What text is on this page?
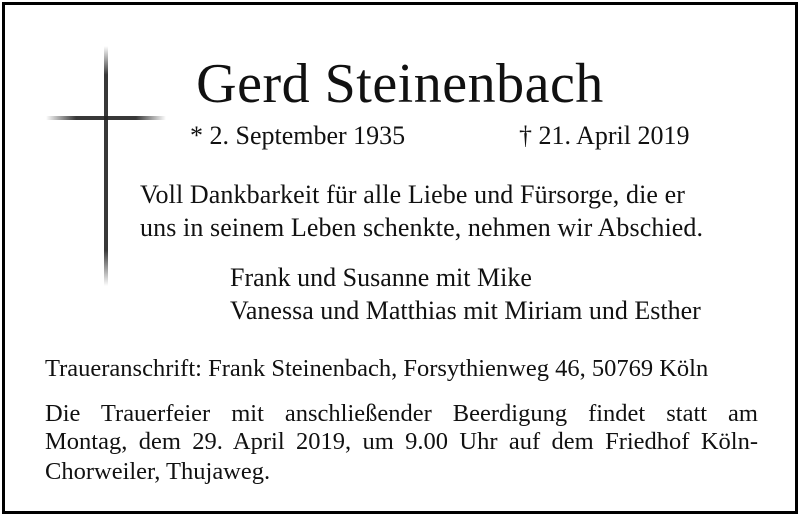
Gerd Steinenbach
* 2. September 1935	† 21. April 2019
Voll Dankbarkeit für alle Liebe und Fürsorge, die er
uns in seinem Leben schenkte, nehmen wir Abschied.
Frank und Susanne mit Mike
Vanessa und Matthias mit Miriam und Esther
Traueranschrift: Frank Steinenbach, Forsythienweg 46, 50769 Köln
Die Trauerfeier mit anschließender Beerdigung findet statt am
Montag, dem 29. April 2019, um 9.00 Uhr auf dem Friedhof Köln-
Chorweiler, Thujaweg.
